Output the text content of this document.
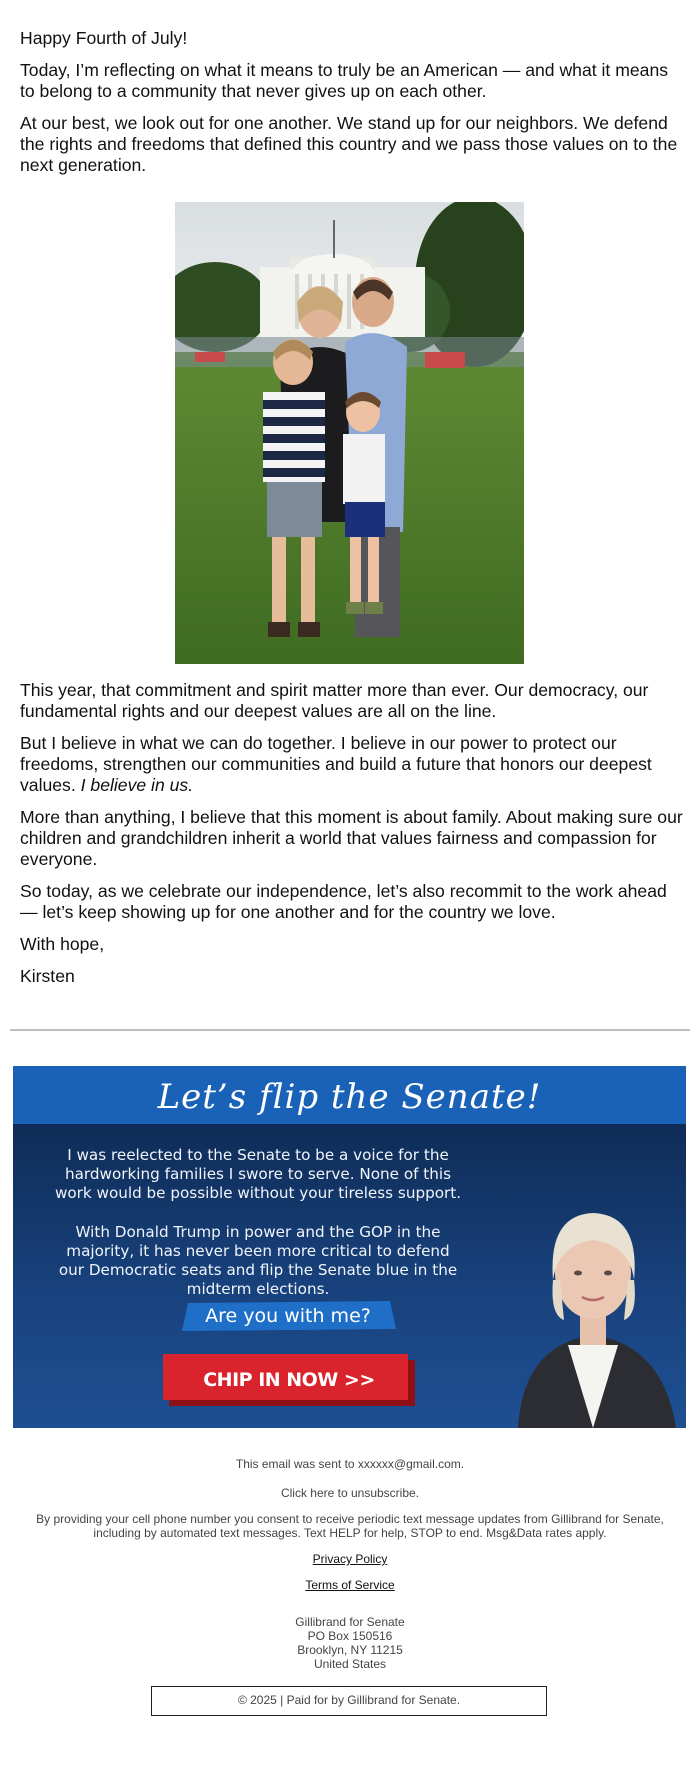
Happy Fourth of July!

Today, I’m reflecting on what it means to truly be an American — and what it means to belong to a community that never gives up on each other.

At our best, we look out for one another. We stand up for our neighbors. We defend the rights and freedoms that defined this country and we pass those values on to the next generation.

This year, that commitment and spirit matter more than ever. Our democracy, our fundamental rights and our deepest values are all on the line.

But I believe in what we can do together. I believe in our power to protect our freedoms, strengthen our communities and build a future that honors our deepest values. I believe in us.

More than anything, I believe that this moment is about family. About making sure our children and grandchildren inherit a world that values fairness and compassion for everyone.

So today, as we celebrate our independence, let’s also recommit to the work ahead — let’s keep showing up for one another and for the country we love.

With hope,

Kirsten

Let’s flip the Senate!
I was reelected to the Senate to be a voice for the hardworking families I swore to serve. None of this work would be possible without your tireless support.
With Donald Trump in power and the GOP in the majority, it has never been more critical to defend our Democratic seats and flip the Senate blue in the midterm elections.
Are you with me?
CHIP IN NOW >>
This email was sent to xxxxxx@gmail.com.
Click here to unsubscribe.
By providing your cell phone number you consent to receive periodic text message updates from Gillibrand for Senate,
including by automated text messages. Text HELP for help, STOP to end. Msg&Data rates apply.
Privacy Policy
Terms of Service
Gillibrand for Senate
PO Box 150516
Brooklyn, NY 11215
United States
© 2025 | Paid for by Gillibrand for Senate.
